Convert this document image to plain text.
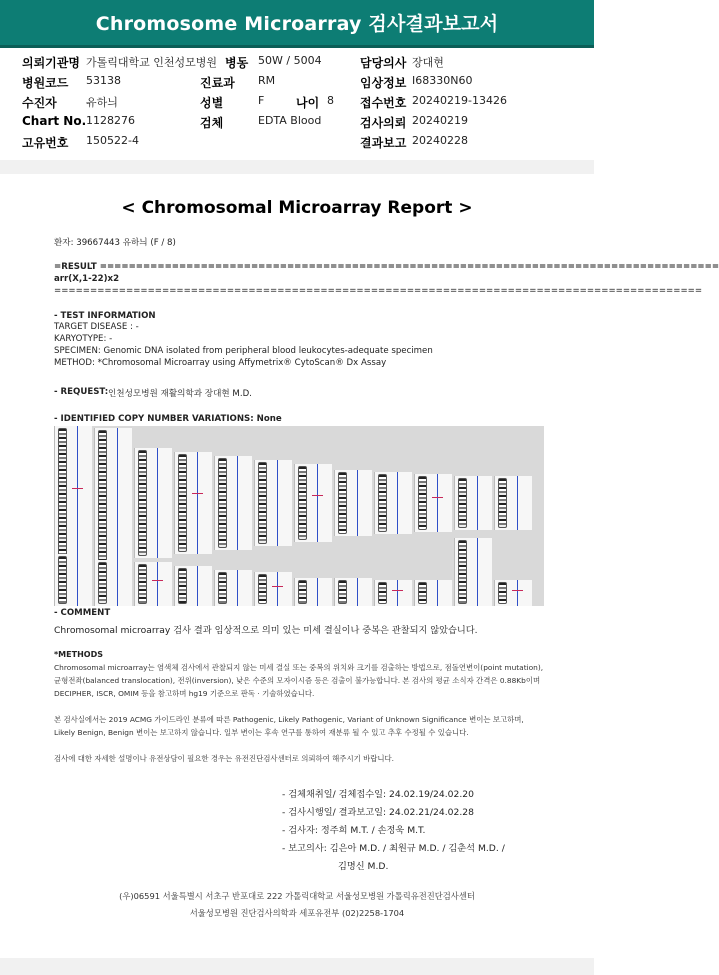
Chromosome Microarray 검사결과보고서
의뢰기관명 가톨릭대학교 인천성모병원 병동 50W / 5004	담당의사 장대현
병원코드 53138	진료과 RM	임상정보 I68330N60
수진자	유하늬	성별	F	나이 8 접수번호 20240219-13426
Chart No. 1128276	검체	EDTA Blood	검사의뢰 20240219
고유번호 150522-4	결과보고 20240228
< Chromosomal Microarray Report >
환자: 39667443 유하늬 (F / 8)
=RESULT ======================================================================================
arr(X,1-22)x2
==========================================================================================
- TEST INFORMATION
TARGET DISEASE : -
KARYOTYPE: -
SPECIMEN: Genomic DNA isolated from peripheral blood leukocytes-adequate specimen
METHOD: *Chromosomal Microarray using Affymetrix® CytoScan® Dx Assay
- REQUEST: 인천성모병원 재활의학과 장대현 M.D.
- IDENTIFIED COPY NUMBER VARIATIONS: None
- COMMENT
Chromosomal microarray 검사 결과 임상적으로 의미 있는 미세 결실이나 중복은 관찰되지 않았습니다.
*METHODS
Chromosomal microarray는 염색체 검사에서 관찰되지 않는 미세 결실 또는 중복의 위치와 크기를 검출하는 방법으로, 점돌연변이(point mutation), 균형전좌(balanced translocation), 전위(inversion), 낮은 수준의 모자이시즘 등은 검출이 불가능합니다. 본 검사의 평균 소식자 간격은 0.88Kb이며 DECIPHER, ISCR, OMIM 등을 참고하며 hg19 기준으로 판독 · 기술하였습니다.
본 검사실에서는 2019 ACMG 가이드라인 분류에 따른 Pathogenic, Likely Pathogenic, Variant of Unknown Significance 변이는 보고하며, Likely Benign, Benign 변이는 보고하지 않습니다. 일부 변이는 후속 연구를 통하여 재분류 될 수 있고 추후 수정될 수 있습니다.
검사에 대한 자세한 설명이나 유전상담이 필요한 경우는 유전진단검사센터로 의뢰하여 해주시기 바랍니다.
- 검체채취일/ 검체접수일: 24.02.19/24.02.20
- 검사시행일/ 결과보고일: 24.02.21/24.02.28
- 검사자: 정주희 M.T. / 손정욱 M.T.
- 보고의사: 김은아 M.D. / 최원규 M.D. / 김춘석 M.D. /
김명신 M.D.
(우)06591 서울특별시 서초구 반포대로 222 가톨릭대학교 서울성모병원 가톨릭유전진단검사센터
서울성모병원 진단검사의학과 세포유전부 (02)2258-1704
